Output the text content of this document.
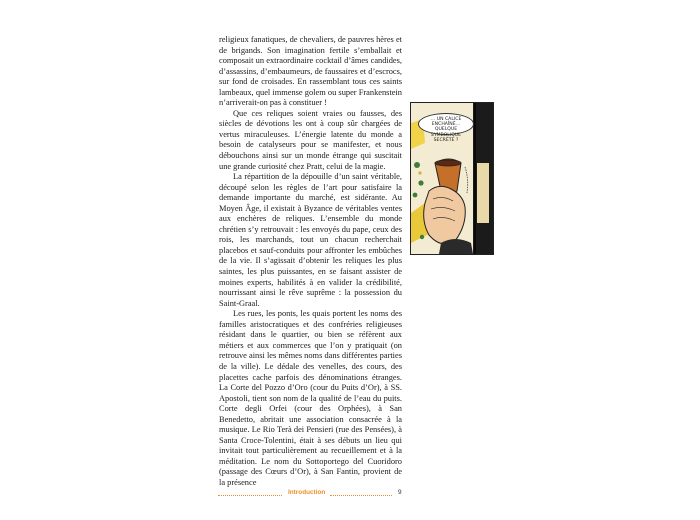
religieux fanatiques, de chevaliers, de pauvres hères et de brigands. Son imagination fertile s’emballait et composait un extraordinaire cocktail d’âmes candides, d’assassins, d’embaumeurs, de faussaires et d’escrocs, sur fond de croisades. En rassemblant tous ces saints lambeaux, quel immense golem ou super Frankenstein n’arriverait-on pas à constituer !

Que ces reliques soient vraies ou fausses, des siècles de dévotions les ont à coup sûr chargées de vertus miraculeuses. L’énergie latente du monde a besoin de catalyseurs pour se manifester, et nous débouchons ainsi sur un monde étrange qui suscitait une grande curiosité chez Pratt, celui de la magie.

La répartition de la dépouille d’un saint véritable, découpé selon les règles de l’art pour satisfaire la demande importante du marché, est sidérante. Au Moyen Âge, il existait à Byzance de véritables ventes aux enchères de reliques. L’ensemble du monde chrétien s’y retrouvait : les envoyés du pape, ceux des rois, les marchands, tout un chacun recherchait placebos et sauf-conduits pour affronter les embûches de la vie. Il s’agissait d’obtenir les reliques les plus saintes, les plus puissantes, en se faisant assister de moines experts, habilités à en valider la crédibilité, nourrissant ainsi le rêve suprême : la possession du Saint-Graal.

Les rues, les ponts, les quais portent les noms des familles aristocratiques et des confréries religieuses résidant dans le quartier, ou bien se réfèrent aux métiers et aux commerces que l’on y pratiquait (on retrouve ainsi les mêmes noms dans différentes parties de la ville). Le dédale des venelles, des cours, des placettes cache parfois des dénominations étranges. La Corte del Pozzo d’Oro (cour du Puits d’Or), à SS. Apostoli, tient son nom de la qualité de l’eau du puits. Corte degli Orfei (cour des Orphées), à San Benedetto, abritait une association consacrée à la musique. Le Rio Terà dei Pensieri (rue des Pensées), à Santa Croce-Tolentini, était à ses débuts un lieu qui invitait tout particulièrement au recueillement et à la méditation. Le nom du Sottoportego del Cuoridoro (passage des Cœurs d’Or), à San Fantin, provient de la présence

… UN CALICE
ENCHAÎNÉ…
QUELQUE
SYMBOLIQUE
SECRÈTE ?
Introduction	9
